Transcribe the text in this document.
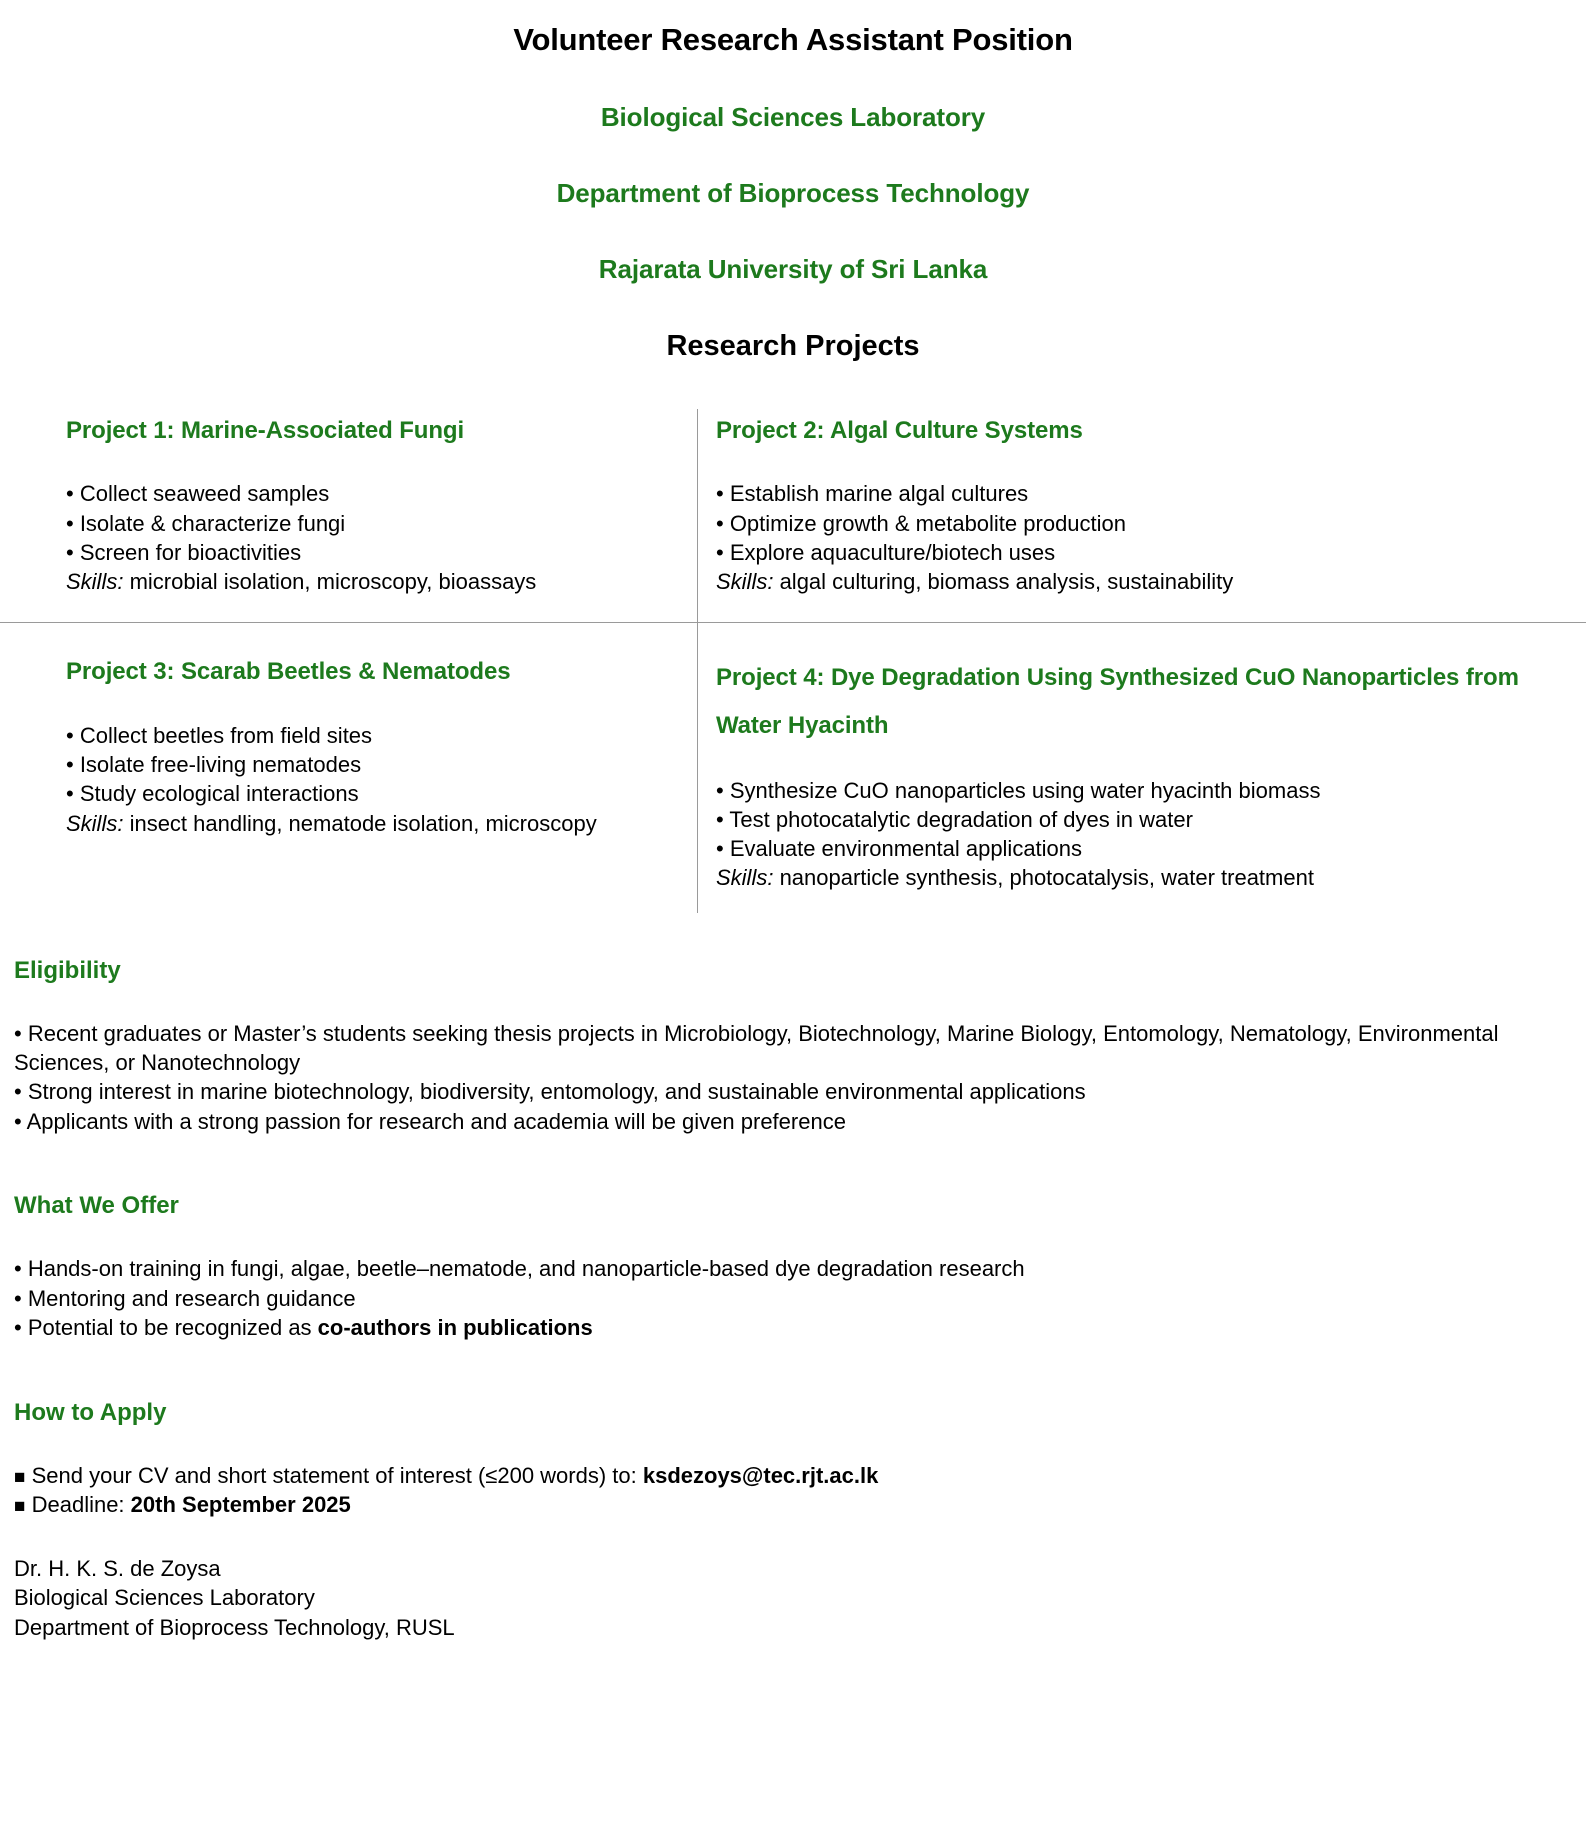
Volunteer Research Assistant Position
Biological Sciences Laboratory
Department of Bioprocess Technology
Rajarata University of Sri Lanka
Research Projects
Project 1: Marine-Associated Fungi
• Collect seaweed samples
• Isolate & characterize fungi
• Screen for bioactivities
Skills: microbial isolation, microscopy, bioassays
Project 2: Algal Culture Systems
• Establish marine algal cultures
• Optimize growth & metabolite production
• Explore aquaculture/biotech uses
Skills: algal culturing, biomass analysis, sustainability
Project 3: Scarab Beetles & Nematodes
• Collect beetles from field sites
• Isolate free-living nematodes
• Study ecological interactions
Skills: insect handling, nematode isolation, microscopy
Project 4: Dye Degradation Using Synthesized CuO Nanoparticles from Water Hyacinth
• Synthesize CuO nanoparticles using water hyacinth biomass
• Test photocatalytic degradation of dyes in water
• Evaluate environmental applications
Skills: nanoparticle synthesis, photocatalysis, water treatment
Eligibility
• Recent graduates or Master’s students seeking thesis projects in Microbiology, Biotechnology, Marine Biology, Entomology, Nematology, Environmental Sciences, or Nanotechnology
• Strong interest in marine biotechnology, biodiversity, entomology, and sustainable environmental applications
• Applicants with a strong passion for research and academia will be given preference
What We Offer
• Hands-on training in fungi, algae, beetle–nematode, and nanoparticle-based dye degradation research
• Mentoring and research guidance
• Potential to be recognized as co-authors in publications
How to Apply
■ Send your CV and short statement of interest (≤200 words) to: ksdezoys@tec.rjt.ac.lk
■ Deadline: 20th September 2025
Dr. H. K. S. de Zoysa
Biological Sciences Laboratory
Department of Bioprocess Technology, RUSL
